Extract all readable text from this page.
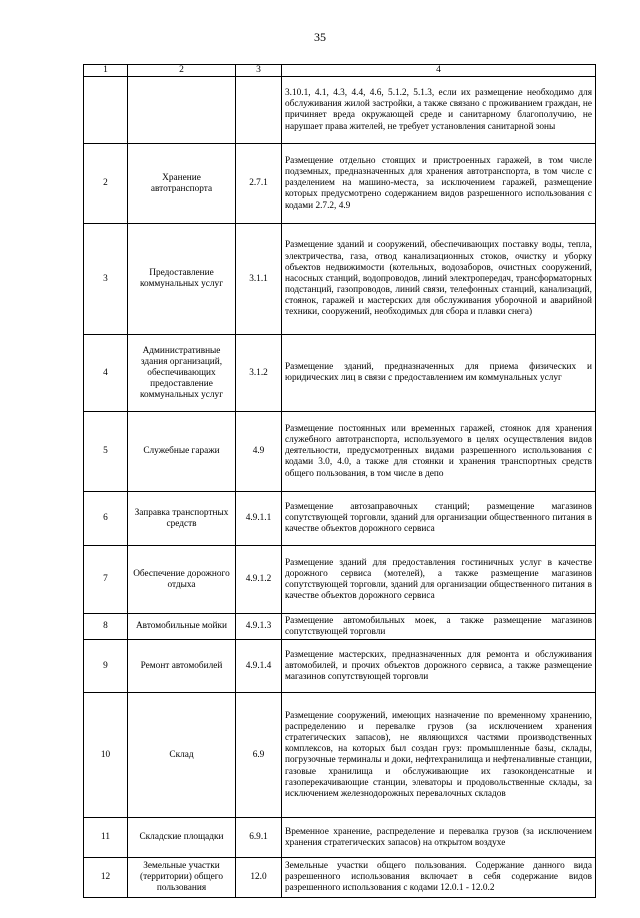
35
1	2	3	4
			3.10.1, 4.1, 4.3, 4.4, 4.6, 5.1.2, 5.1.3, если их размещение необходимо для обслуживания жилой застройки, а также связано с проживанием граждан, не причиняет вреда окружающей среде и санитарному благополучию, не нарушает права жителей, не требует установления санитарной зоны
2	Хранение автотранспорта	2.7.1	Размещение отдельно стоящих и пристроенных гаражей, в том числе подземных, предназначенных для хранения автотранспорта, в том числе с разделением на машино-места, за исключением гаражей, размещение которых предусмотрено содержанием видов разрешенного использования с кодами 2.7.2, 4.9
3	Предоставление коммунальных услуг	3.1.1	Размещение зданий и сооружений, обеспечивающих поставку воды, тепла, электричества, газа, отвод канализационных стоков, очистку и уборку объектов недвижимости (котельных, водозаборов, очистных сооружений, насосных станций, водопроводов, линий электропередач, трансформаторных подстанций, газопроводов, линий связи, телефонных станций, канализаций, стоянок, гаражей и мастерских для обслуживания уборочной и аварийной техники, сооружений, необходимых для сбора и плавки снега)
4	Административные здания организаций, обеспечивающих предоставление коммунальных услуг	3.1.2	Размещение зданий, предназначенных для приема физических и юридических лиц в связи с предоставлением им коммунальных услуг
5	Служебные гаражи	4.9	Размещение постоянных или временных гаражей, стоянок для хранения служебного автотранспорта, используемого в целях осуществления видов деятельности, предусмотренных видами разрешенного использования с кодами 3.0, 4.0, а также для стоянки и хранения транспортных средств общего пользования, в том числе в депо
6	Заправка транспортных средств	4.9.1.1	Размещение автозаправочных станций; размещение магазинов сопутствующей торговли, зданий для организации общественного питания в качестве объектов дорожного сервиса
7	Обеспечение дорожного отдыха	4.9.1.2	Размещение зданий для предоставления гостиничных услуг в качестве дорожного сервиса (мотелей), а также размещение магазинов сопутствующей торговли, зданий для организации общественного питания в качестве объектов дорожного сервиса
8	Автомобильные мойки	4.9.1.3	Размещение автомобильных моек, а также размещение магазинов сопутствующей торговли
9	Ремонт автомобилей	4.9.1.4	Размещение мастерских, предназначенных для ремонта и обслуживания автомобилей, и прочих объектов дорожного сервиса, а также размещение магазинов сопутствующей торговли
10	Склад	6.9	Размещение сооружений, имеющих назначение по временному хранению, распределению и перевалке грузов (за исключением хранения стратегических запасов), не являющихся частями производственных комплексов, на которых был создан груз: промышленные базы, склады, погрузочные терминалы и доки, нефтехранилища и нефтеналивные станции, газовые хранилища и обслуживающие их газоконденсатные и газоперекачивающие станции, элеваторы и продовольственные склады, за исключением железнодорожных перевалочных складов
11	Складские площадки	6.9.1	Временное хранение, распределение и перевалка грузов (за исключением хранения стратегических запасов) на открытом воздухе
12	Земельные участки (территории) общего пользования	12.0	Земельные участки общего пользования. Содержание данного вида разрешенного использования включает в себя содержание видов разрешенного использования с кодами 12.0.1 - 12.0.2
